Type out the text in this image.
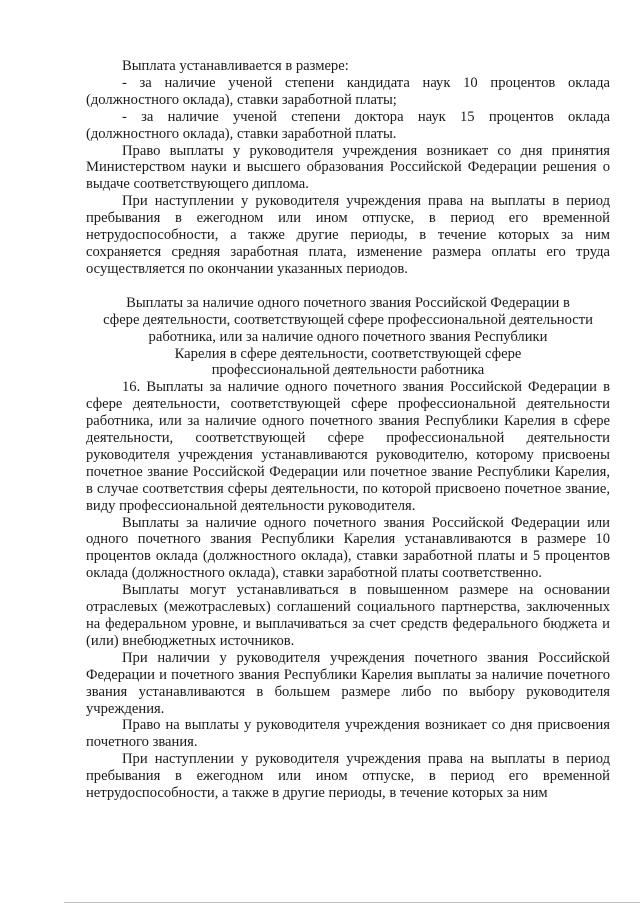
Выплата устанавливается в размере:

- за наличие ученой степени кандидата наук 10 процентов оклада (должностного оклада), ставки заработной платы;

- за наличие ученой степени доктора наук 15 процентов оклада (должностного оклада), ставки заработной платы.

Право выплаты у руководителя учреждения возникает со дня принятия Министерством науки и высшего образования Российской Федерации решения о выдаче соответствующего диплома.

При наступлении у руководителя учреждения права на выплаты в период пребывания в ежегодном или ином отпуске, в период его временной нетрудоспособности, а также другие периоды, в течение которых за ним сохраняется средняя заработная плата, изменение размера оплаты его труда осуществляется по окончании указанных периодов.

Выплаты за наличие одного почетного звания Российской Федерации в
сфере деятельности, соответствующей сфере профессиональной деятельности
работника, или за наличие одного почетного звания Республики
Карелия в сфере деятельности, соответствующей сфере
профессиональной деятельности работника

16. Выплаты за наличие одного почетного звания Российской Федерации в сфере деятельности, соответствующей сфере профессиональной деятельности работника, или за наличие одного почетного звания Республики Карелия в сфере деятельности, соответствующей сфере профессиональной деятельности руководителя учреждения устанавливаются руководителю, которому присвоены почетное звание Российской Федерации или почетное звание Республики Карелия, в случае соответствия сферы деятельности, по которой присвоено почетное звание, виду профессиональной деятельности руководителя.

Выплаты за наличие одного почетного звания Российской Федерации или одного почетного звания Республики Карелия устанавливаются в размере 10 процентов оклада (должностного оклада), ставки заработной платы и 5 процентов оклада (должностного оклада), ставки заработной платы соответственно.

Выплаты могут устанавливаться в повышенном размере на основании отраслевых (межотраслевых) соглашений социального партнерства, заключенных на федеральном уровне, и выплачиваться за счет средств федерального бюджета и (или) внебюджетных источников.

При наличии у руководителя учреждения почетного звания Российской Федерации и почетного звания Республики Карелия выплаты за наличие почетного звания устанавливаются в большем размере либо по выбору руководителя учреждения.

Право на выплаты у руководителя учреждения возникает со дня присвоения почетного звания.

При наступлении у руководителя учреждения права на выплаты в период пребывания в ежегодном или ином отпуске, в период его временной нетрудоспособности, а также в другие периоды, в течение которых за ним
